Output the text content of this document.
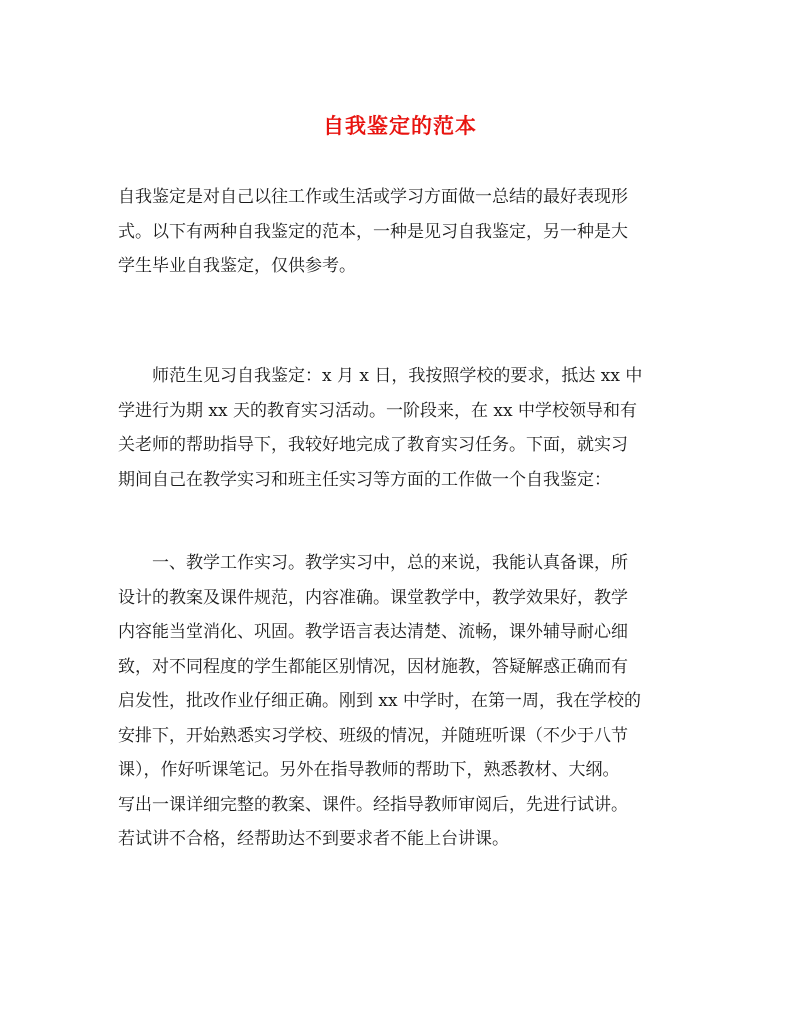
自我鉴定的范本

自我鉴定是对自己以往工作或生活或学习方面做一总结的最好表现形
式。以下有两种自我鉴定的范本，一种是见习自我鉴定，另一种是大
学生毕业自我鉴定，仅供参考。

师范生见习自我鉴定：x 月 x 日，我按照学校的要求，抵达 xx 中
学进行为期 xx 天的教育实习活动。一阶段来，在 xx 中学校领导和有
关老师的帮助指导下，我较好地完成了教育实习任务。下面，就实习
期间自己在教学实习和班主任实习等方面的工作做一个自我鉴定：

一、教学工作实习。教学实习中，总的来说，我能认真备课，所
设计的教案及课件规范，内容准确。课堂教学中，教学效果好，教学
内容能当堂消化、巩固。教学语言表达清楚、流畅，课外辅导耐心细
致，对不同程度的学生都能区别情况，因材施教，答疑解惑正确而有
启发性，批改作业仔细正确。刚到 xx 中学时，在第一周，我在学校的
安排下，开始熟悉实习学校、班级的情况，并随班听课（不少于八节
课），作好听课笔记。另外在指导教师的帮助下，熟悉教材、大纲。
写出一课详细完整的教案、课件。经指导教师审阅后，先进行试讲。
若试讲不合格，经帮助达不到要求者不能上台讲课。
